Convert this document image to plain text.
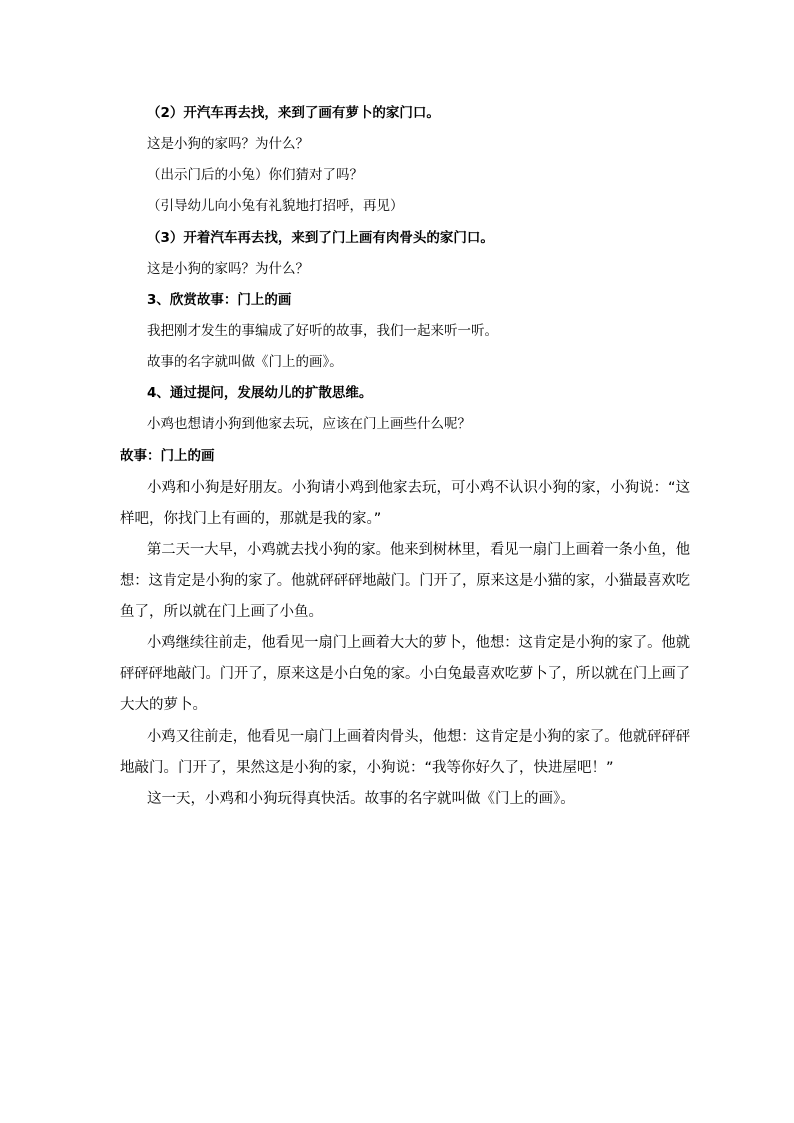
（2）开汽车再去找，来到了画有萝卜的家门口。
这是小狗的家吗？为什么？
（出示门后的小兔）你们猜对了吗？
（引导幼儿向小兔有礼貌地打招呼，再见）
（3）开着汽车再去找，来到了门上画有肉骨头的家门口。
这是小狗的家吗？为什么？
3、欣赏故事：门上的画
我把刚才发生的事编成了好听的故事，我们一起来听一听。
故事的名字就叫做《门上的画》。
4、通过提问，发展幼儿的扩散思维。
小鸡也想请小狗到他家去玩，应该在门上画些什么呢？
故事：门上的画
小鸡和小狗是好朋友。小狗请小鸡到他家去玩，可小鸡不认识小狗的家，小狗说：“这
样吧，你找门上有画的，那就是我的家。”
第二天一大早，小鸡就去找小狗的家。他来到树林里，看见一扇门上画着一条小鱼，他
想：这肯定是小狗的家了。他就砰砰砰地敲门。门开了，原来这是小猫的家，小猫最喜欢吃
鱼了，所以就在门上画了小鱼。
小鸡继续往前走，他看见一扇门上画着大大的萝卜，他想：这肯定是小狗的家了。他就
砰砰砰地敲门。门开了，原来这是小白兔的家。小白兔最喜欢吃萝卜了，所以就在门上画了
大大的萝卜。
小鸡又往前走，他看见一扇门上画着肉骨头，他想：这肯定是小狗的家了。他就砰砰砰
地敲门。门开了，果然这是小狗的家，小狗说：“我等你好久了，快进屋吧！”
这一天，小鸡和小狗玩得真快活。故事的名字就叫做《门上的画》。
